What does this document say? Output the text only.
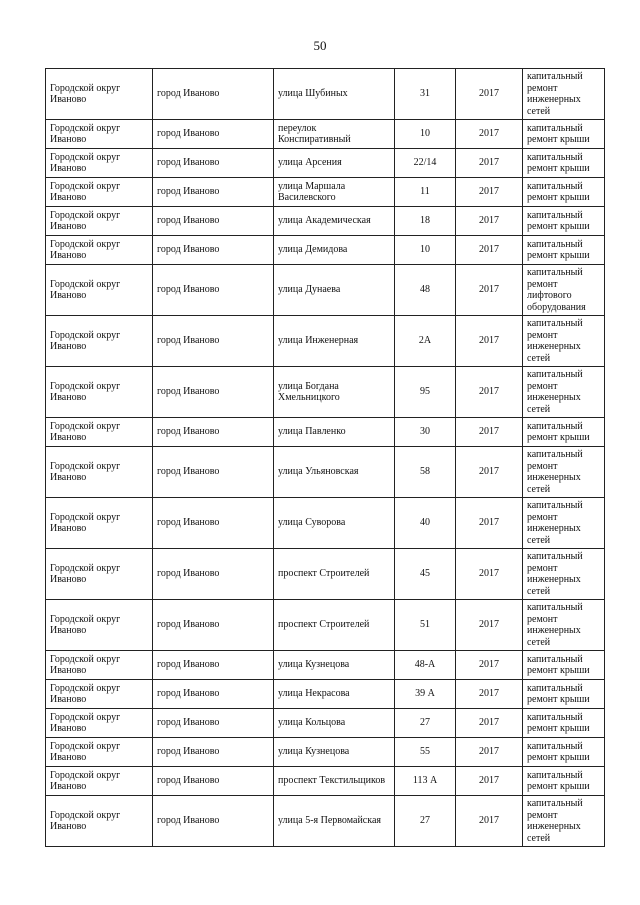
50
Городской округ Иваново	город Иваново	улица Шубиных	31	2017	капитальный ремонт инженерных сетей
Городской округ Иваново	город Иваново	переулок Конспиративный	10	2017	капитальный ремонт крыши
Городской округ Иваново	город Иваново	улица Арсения	22/14	2017	капитальный ремонт крыши
Городской округ Иваново	город Иваново	улица Маршала Василевского	11	2017	капитальный ремонт крыши
Городской округ Иваново	город Иваново	улица Академическая	18	2017	капитальный ремонт крыши
Городской округ Иваново	город Иваново	улица Демидова	10	2017	капитальный ремонт крыши
Городской округ Иваново	город Иваново	улица Дунаева	48	2017	капитальный ремонт лифтового оборудования
Городской округ Иваново	город Иваново	улица Инженерная	2А	2017	капитальный ремонт инженерных сетей
Городской округ Иваново	город Иваново	улица Богдана Хмельницкого	95	2017	капитальный ремонт инженерных сетей
Городской округ Иваново	город Иваново	улица Павленко	30	2017	капитальный ремонт крыши
Городской округ Иваново	город Иваново	улица Ульяновская	58	2017	капитальный ремонт инженерных сетей
Городской округ Иваново	город Иваново	улица Суворова	40	2017	капитальный ремонт инженерных сетей
Городской округ Иваново	город Иваново	проспект Строителей	45	2017	капитальный ремонт инженерных сетей
Городской округ Иваново	город Иваново	проспект Строителей	51	2017	капитальный ремонт инженерных сетей
Городской округ Иваново	город Иваново	улица Кузнецова	48-А	2017	капитальный ремонт крыши
Городской округ Иваново	город Иваново	улица Некрасова	39 А	2017	капитальный ремонт крыши
Городской округ Иваново	город Иваново	улица Кольцова	27	2017	капитальный ремонт крыши
Городской округ Иваново	город Иваново	улица Кузнецова	55	2017	капитальный ремонт крыши
Городской округ Иваново	город Иваново	проспект Текстильщиков	113 А	2017	капитальный ремонт крыши
Городской округ Иваново	город Иваново	улица 5-я Первомайская	27	2017	капитальный ремонт инженерных сетей
